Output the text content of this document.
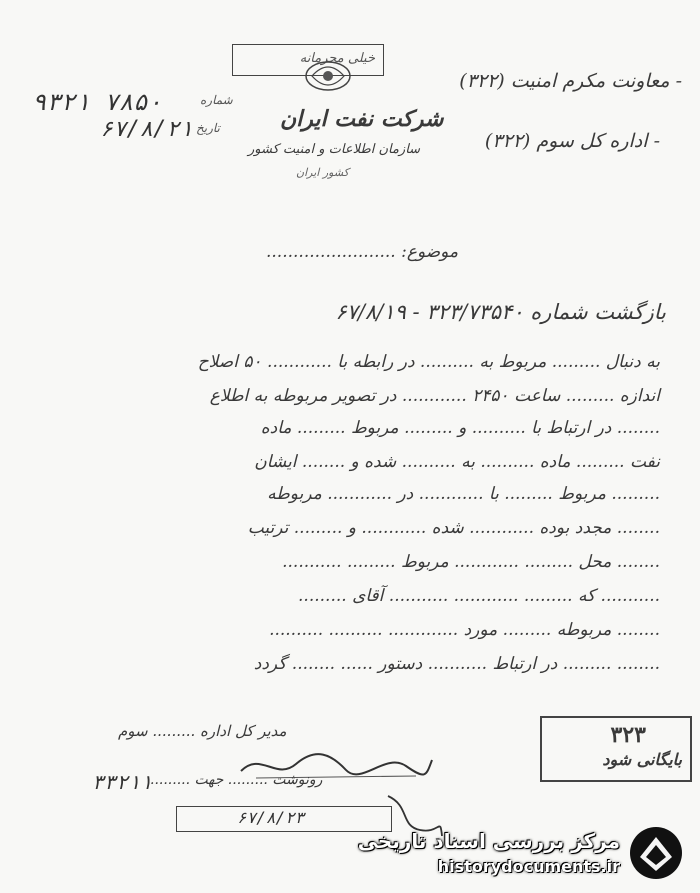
۹۳۲۱ ۷۸۵۰	شماره
۶۷/۸/۲۱ تاریخ
خیلی محرمانه
شرکت نفت ایران
سازمان اطلاعات و امنیت کشور
کشور ایران
- معاونت مکرم امنیت (۳۲۲)
- اداره کل سوم (۳۲۲)
موضوع: ........................
بازگشت شماره ۳۲۳/۷۳۵۴۰ - ۶۷/۸/۱۹
به دنبال ......... مربوط به .......... در رابطه با ............ ۵۰ اصلاح
اندازه ......... ساعت ۲۴۵۰ ............ در تصویر مربوطه به اطلاع
........ در ارتباط با .......... و ......... مربوط ......... ماده
نفت ......... ماده .......... به .......... شده و ........ ایشان
......... مربوط ......... با ............ در ............ مربوطه
........ مجدد بوده ............ شده ............ و ......... ترتیب
........ محل ......... ............ مربوط ......... ...........
........... که ......... ............ ........... آقای .........
........ مربوطه ......... مورد ............. .......... ..........
........ ......... در ارتباط ........... دستور ...... ........ گردد
مدیر کل اداره ......... سوم	۳۲۳
بایگانی شود
رونوشت ......... جهت .........
۳۳۲۱۱
۶۷/۸/۲۳
مرکز بررسی اسناد تاریخی
historydocuments.ir
